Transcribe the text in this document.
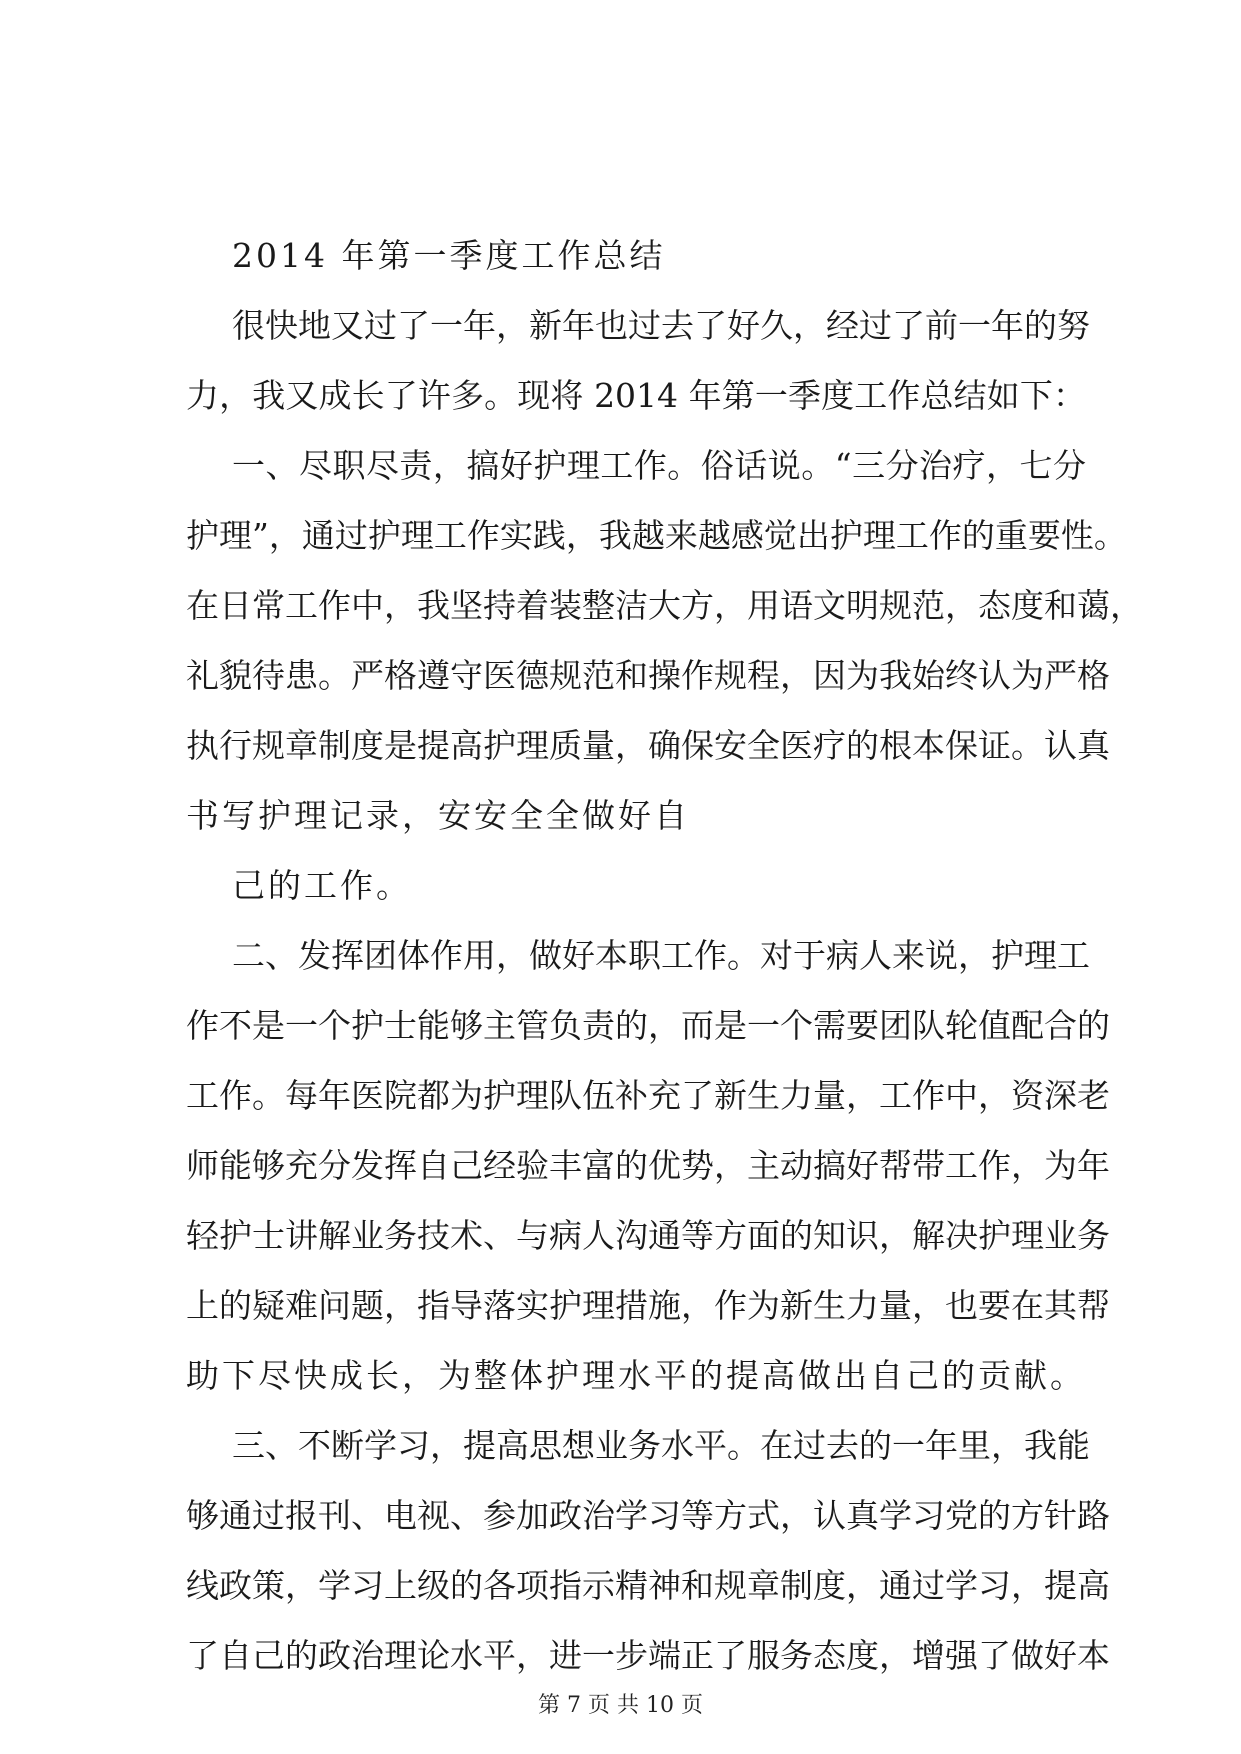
2014 年第一季度工作总结
很快地又过了一年，新年也过去了好久，经过了前一年的努
力，我又成长了许多。现将 2014 年第一季度工作总结如下：
一、尽职尽责，搞好护理工作。俗话说。“三分治疗，七分
护理”，通过护理工作实践，我越来越感觉出护理工作的重要性。
在日常工作中，我坚持着装整洁大方，用语文明规范，态度和蔼，
礼貌待患。严格遵守医德规范和操作规程，因为我始终认为严格
执行规章制度是提高护理质量，确保安全医疗的根本保证。认真
书写护理记录，安安全全做好自
己的工作。
二、发挥团体作用，做好本职工作。对于病人来说，护理工
作不是一个护士能够主管负责的，而是一个需要团队轮值配合的
工作。每年医院都为护理队伍补充了新生力量，工作中，资深老
师能够充分发挥自己经验丰富的优势，主动搞好帮带工作，为年
轻护士讲解业务技术、与病人沟通等方面的知识，解决护理业务
上的疑难问题，指导落实护理措施，作为新生力量，也要在其帮
助下尽快成长，为整体护理水平的提高做出自己的贡献。
三、不断学习，提高思想业务水平。在过去的一年里，我能
够通过报刊、电视、参加政治学习等方式，认真学习党的方针路
线政策，学习上级的各项指示精神和规章制度，通过学习，提高
了自己的政治理论水平，进一步端正了服务态度，增强了做好本
第 7 页 共 10 页
